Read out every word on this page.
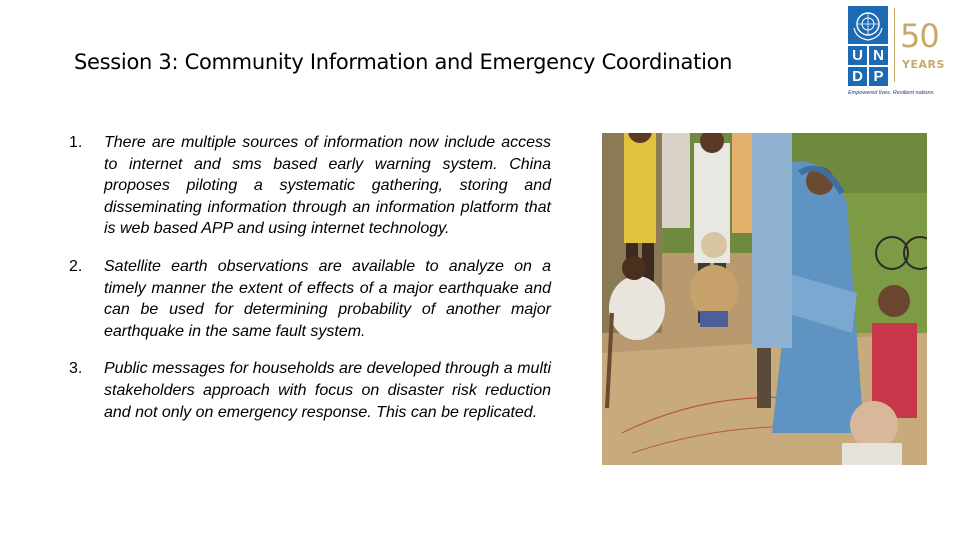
Session 3: Community Information and Emergency Coordination	U N
D P
50
YEARS
Empowered lives. Resilient nations.
1. There are multiple sources of information now include access to internet and sms based early warning system. China proposes piloting a systematic gathering, storing and disseminating information through an information platform that is web based APP and using internet technology.
2. Satellite earth observations are available to analyze on a timely manner the extent of effects of a major earthquake and can be used for determining probability of another major earthquake in the same fault system.
3. Public messages for households are developed through a multi stakeholders approach with focus on disaster risk reduction and not only on emergency response. This can be replicated.
